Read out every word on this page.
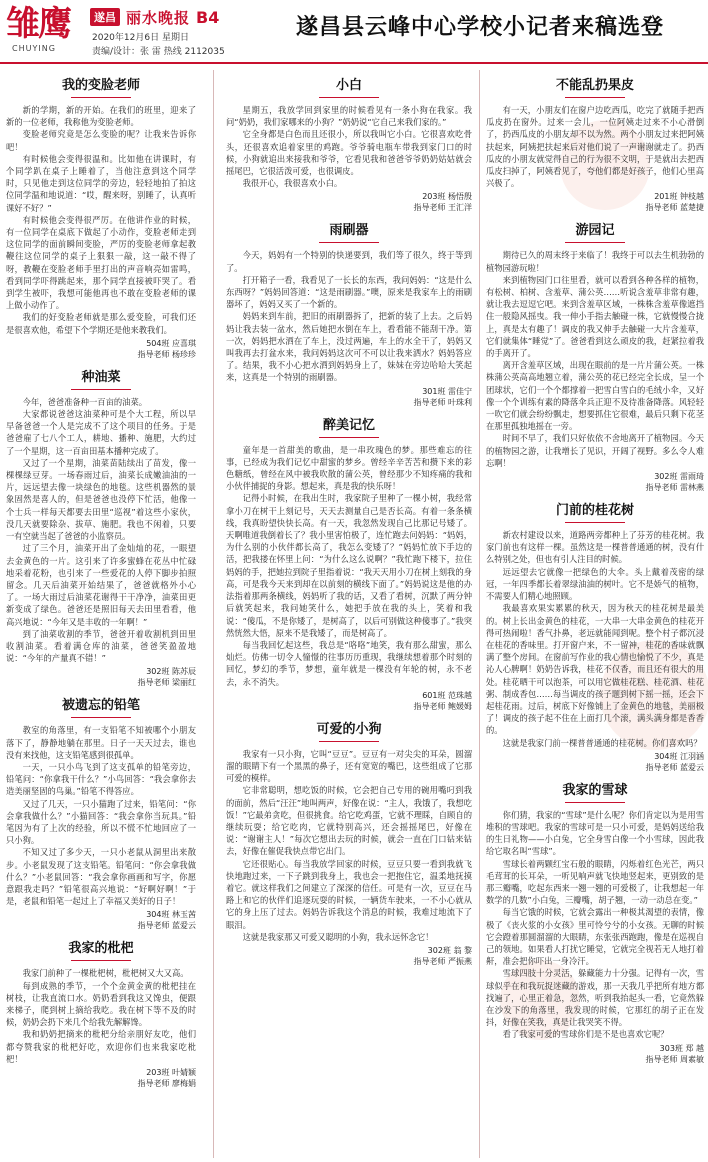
雏鹰
CHUYING
遂昌 丽水晚报 B4
2020年12月6日 星期日
责编/设计：张 雷 热线 2112035
遂昌县云峰中心学校小记者来稿选登
我的变脸老师

新的学期，新的开始。在我们的班里，迎来了新的一位老师，我称他为变脸老师。

变脸老师究竟是怎么变脸的呢？让我来告诉你吧！

有时候他会变得很温和。比如他在讲课时，有个同学趴在桌子上睡着了，当他注意到这个同学时，只见他走到这位同学的旁边，轻轻地拍了拍这位同学温和地说道：“哎，醒来呀，别睡了，认真听课好不好？”

有时候他会变得很严厉。在他讲作业的时候，有一位同学在桌底下做起了小动作，变脸老师走到这位同学的面前瞬间变脸，严厉的变脸老师拿起教鞭往这位同学的桌子上狠狠一敲，这一敲不得了呀，教鞭在变脸老师手里打出的声音响亮如雷鸣，看到同学吓得跳起来，那个同学直接被吓哭了。看到学生被吓，我想可能他再也不敢在变脸老师的课上做小动作了。

我们的好变脸老师就是那么爱变脸，可我们还是很喜欢他，希望下个学期还是他来教我们。

504班 应喜琪
指导老师 杨珍珍
种油菜

今年，爸爸准备种一百亩的油菜。

大家都说爸爸这油菜种可是个大工程，所以早早备爸爸一个人是完成不了这个项目的任务。于是爸爸雇了七八个工人，耕地、播种、施肥，大约过了一个星期，这一百亩田基本播种完成了。

又过了一个星期，油菜苗陆续出了苗发，像一棵棵绿豆芽。一场春雨过后，油菜长成嫩油油的一片，远远望去像一块绿色的地毯。这些机器然的景象固然是喜人的，但是爸爸也没停下忙活，他像一个士兵一样每天都要去田里“巡视”着这些小家伙，没几天就要除杂、拔草、施肥。我也不闲着，只要一有空就当起了爸爸的小监察员。

过了三个月，油菜开出了金灿灿的花，一眼望去金黄色的一片。这引来了许多蜜蜂在花丛中忙碌地采着花粉，也引来了一些爱花的人停下脚步拍照留念。几天后油菜开始结果了，爸爸就格外小心了。一场大雨过后油菜花谢得干干净净，油菜田更新变成了绿色。爸爸还是照旧每天去田里看看，他高兴地说：“今年又是丰收的一年啊！”

到了油菜收割的季节，爸爸开着收割机到田里收割油菜。看着满仓库的油菜，爸爸笑盈盈地说：“今年的产量真不错！”

302班 陈苏辰
指导老师 梁丽红
被遗忘的铅笔

教室的角落里，有一支铅笔不知被哪个小朋友落下了，静静地躺在那里。日子一天天过去，谁也没有来找他，这支铅笔感到很孤单。

一天，一只小鸟飞到了这支孤单的铅笔旁边，铅笔问：“你拿我干什么？”小鸟回答：“我会拿你去造美丽坚固的鸟巢。”铅笔不得答应。

又过了几天，一只小猫跑了过来，铅笔问：“你会拿我做什么？”小猫回答：“我会拿你当玩具。”铅笔因为有了上次的经验，所以不慌不忙地回应了一只小狗。

不知又过了多少天，一只小老鼠从洞里出来散步。小老鼠发现了这支铅笔。铅笔问：“你会拿我做什么？”小老鼠回答：“我会拿你画画和写字，你愿意跟我走吗？”铅笔很高兴地说：“好啊好啊！”于是，老鼠和铅笔一起过上了幸福又美好的日子！

304班 林玉茜
指导老师 蓝爱云
我家的枇杷

我家门前种了一棵枇杷树，枇杷树又大又高。

每到成熟的季节，一个个金黄金黄的枇杷挂在树枝，让我直流口水。奶奶看到我这又馋虫，便跟来梯子，爬到树上摘给我吃。我在树下等不及的时候，奶奶会扔下来几个给我先解解馋。

我和奶奶把摘来的枇杷分给亲朋好友吃，他们都夸赞我家的枇杷好吃，欢迎你们也来我家吃枇杷！

203班 叶婧颖
指导老师 廖梅娟
小白

星期五，我放学回到家里的时候看见有一条小狗在我家。我问“奶奶，我们家哪来的小狗？”奶奶说“它自己来我们家的。”

它全身都是白色而且还很小，所以我叫它小白。它很喜欢吃骨头，还很喜欢追着家里的鸡跑。爷爷骑电瓶车带我到家门口的时候，小狗就追出来接我和爷爷，它看见我和爸爸爷爷奶奶姑姑就会摇尾巴，它很活泼可爱，也很调皮。

我很开心，我很喜欢小白。

203班 杨悟殷
指导老师 王汇洋
雨刷器

今天，妈妈有一个特别的快递要到，我们等了很久，终于等到了。

打开箱子一看，我看见了一长长的东西，我问妈妈：“这是什么东西呀？”妈妈回答道：“这是雨刷器。”噢，原来是我家车上的雨刷器坏了，妈妈又买了一个新的。

妈妈来到车前，把旧的雨刷器拆了，把新的装了上去。之后妈妈让我去装一盆水，然后她把水倒在车上，看看能不能刮干净。第一次，妈妈把水洒在了车上，没过两遍，车上的水全干了，妈妈又叫我再去打盆水来，我问妈妈这次可不可以让我来洒水？妈妈答应了。结果，我不小心把水洒到妈妈身上了，妹妹在旁边哈哈大笑起来，这真是一个特别的雨刷器。

301班 雷佳宁
指导老师 叶珠利
醉美记忆

童年是一首甜美的歌曲，是一串玫瑰色的梦。那些难忘的往事，已经成为我们记忆中甜蜜的梦乡。曾经辛辛苦苦和攒下来的彩色糖纸，曾经在风中被我吹散的蒲公英，曾经那少不知疼痛的我和小伙伴捕捉的身影。想起来，真是我的快乐呀！

记得小时候，在我出生时，我家院子里种了一棵小树，我经常拿小刀在树干上刻记号，天天去测量自己是否长高。有着一条条横线，我真盼望快快长高。有一天，我忽然发现自己比那记号矮了。天啊唯道我倒着长了？我小里害怕极了，连忙跑去问妈妈：“妈妈，为什么别的小伙伴都长高了，我怎么变矮了？”妈妈忙放下手边的活，把我搂在怀里上问：“为什么这么说啊？”我忙跑下楼下，拉住妈妈的手，把她拉到院子里指着说：“我天天用小刀在树上刻我的身高，可是我今天来到却在以前刻的横线下面了。”妈妈说这是他的办法指着那两条横线，妈妈听了我的话，又看了看树，沉默了两分钟后就笑起来，我问她笑什么，她把手放在我的头上，笑着和我说：“傻瓜，不是你矮了，是树高了，以后可别做这种傻事了。”我突然恍然大悟，原来不是我矮了，而是树高了。

每当我回忆起这些，我总是“咯咯”地笑，我有那么甜蜜，那么灿烂。仿佛一切令人憧憬的往事历历重现，我继续想着那个时刻的回忆，梦幻的季节，梦想，童年就是一棵没有年轮的树，永不老去，永不消失。

601班 范珠越
指导老师 鲍媛姆
可爱的小狗

我家有一只小狗，它叫“豆豆”。豆豆有一对尖尖的耳朵，圆溜溜的眼睛下有一个黑黑的鼻子，还有宽宽的嘴巴，这些组成了它那可爱的模样。

它非常聪明，想吃饭的时候，它会把自己专用的碗用嘴叼到我的面前，然后“汪汪”地叫两声，好像在说：“主人，我饿了，我想吃饭！”它最弟贪吃，但很挑食。给它吃鸡蛋，它就不理睬，自顾自的继续玩耍；给它吃肉，它就特别高兴，还会摇摇尾巴，好像在说：“谢谢主人！”每次它想出去玩的时候，就会一直在门口钻来钻去，好像在催促我快点带它出门。

它还很贴心。每当我放学回家的时候，豆豆只要一看到我就飞快地跑过来，一下子跳到我身上，我也会一把抱住它，温柔地抚摸着它。就这样我们之间建立了深深的信任。可是有一次，豆豆在马路上和它的伙伴们追逐玩耍的时候，一辆货车驶来，一不小心就从它的身上压了过去。妈妈告诉我这个消息的时候，我难过地流下了眼泪。

这就是我家那又可爱又聪明的小狗，我永远怀念它！

302班 翁 黎
指导老师 严振燕
不能乱扔果皮

有一天，小朋友们在窗户边吃西瓜，吃完了就随手把西瓜皮扔在窗外。过来一会儿，一位阿姨走过来不小心滑倒了，扔西瓜皮的小朋友却不以为然。两个小朋友过来把阿姨扶起来，阿姨把扶起来后对他们说了一声谢谢就走了。扔西瓜皮的小朋友就觉得自己的行为很不文明，于是就出去把西瓜皮扫掉了，阿姨看见了，夸他们都是好孩子，他们心里高兴极了。

201班 钟枝越
指导老师 蓝楚捷
游园记

期待已久的周末终于来临了！我终于可以去生机勃勃的植物园游玩啦！

来到植物园门口往里看，就可以看到各种各样的植物，有松树、柏树、含羞草、蒲公英……听说含羞草非常有趣，就让我去逗逗它吧。来到含羞草区域，一株株含羞草像遮挡住一般隐风摇曳。我一伸小手指去触碰一株，它就慢慢合拢上，真是太有趣了！调皮的我又伸手去触碰一大片含羞草，它们就集体“睡觉”了。爸爸看到这么顽皮的我，赶紧拉着我的手离开了。

离开含羞草区域，出现在眼前的是一片片蒲公英。一株株蒲公英高高地翘立着，蒲公英的花已经完全长成，呈一个团球状，它们一个个都撑着一把雪白雪白的毛绒小伞，又好像一个个训练有素的降落伞兵正迎不及待准备降落。风轻轻一吹它们就会纷纷飘走，想要抓住它很难，最后只剩下花茎在那里孤独地摇在一旁。

时间不早了，我们只好依依不舍地离开了植物园。今天的植物园之游，让我增长了见识，开阔了视野。多么令人难忘啊！

302班 雷雨琦
指导老师 雷林燕
门前的桂花树

新农村建设以来，道路两旁都种上了芬芳的桂花树。我家门前也有这样一棵。虽然这是一棵普普通通的树，没有什么特别之处，但也有引人注目的时候。

远远望去它就像一把绿色的大伞。头上戴着茂密的绿冠，一年四季都长着翠绿油油的树叶。它不是娇气的植物，不需要人们精心地照顾。

我最喜欢果实累累的秋天，因为秋天的桂花树是最美的。树上长出金黄色的桂花，一大串一大串金黄色的桂花开得可热闹啦！香气扑鼻，老远就能闻到呢。整个村子都沉浸在桂花的香味里。打开窗户来，不一留神，桂花的香味就飘满了整个房间。在窗前写作业的我心情也愉悦了不少，真是沁人心脾啊！奶奶告诉我，桂花不仅香，而且还有很大的用处。桂花晒干可以泡茶，可以用它做桂花糕、桂花酒、桂花粥、制成香包……每当调皮的孩子题到树下摇一摇，还会下起桂花雨。过后，树底下好像铺上了金黄色的地毯，美丽极了！调皮的孩子起不住在上面打几个滚，满头满身都是香香的。

这就是我家门前一棵普普通通的桂花树。你们喜欢吗？

304班 江羽涵
指导老师 蓝爱云
我家的雪球

你们猜，我家的“雪球”是什么呢？你们肯定以为是用雪堆积的雪球吧。我家的雪球可是一只小可爱，是妈妈送给我的生日礼物——小白兔，它全身雪白像一个小雪球，因此我给它取名叫“雪球”。

雪球长着两颗红宝石般的眼睛，闪烁着红色光芒，两只毛茸茸的长耳朵，一听见响声就飞快地竖起来，更别致的是那三瓣嘴，吃起东西来一翘一翘的可爱极了，让我想起一年数学的几数”小白兔，三瓣嘴，胡子翘，一动一动总在变。”

每当它饿的时候，它就会露出一种极其渴望的表情，像极了《丧火浆的小女孩》里可怜兮兮的小女孩。无聊的时候它会蹬着那圆溜溜的大眼睛，东张张西跑跑，像是在巡视自己的领地。如果看人打扰它睡觉，它就完全视若无人地打着鼾，准会把你吓出一身冷汗。

雪球四肢十分灵活，躲藏能力十分强。记得有一次，雪球似乎在和我玩捉迷藏的游戏，那一天我几乎把所有地方都找遍了，心里正着急，忽然，听到我抬起头一看，它竟然躲在沙发下的角落里，我发现的时候，它那红的胡子正在发抖，好像在笑我，真是让我哭笑不得。

看了我家可爱的雪球你们是不是也喜欢它呢？

303班 郑 越
指导老师 周素敏
